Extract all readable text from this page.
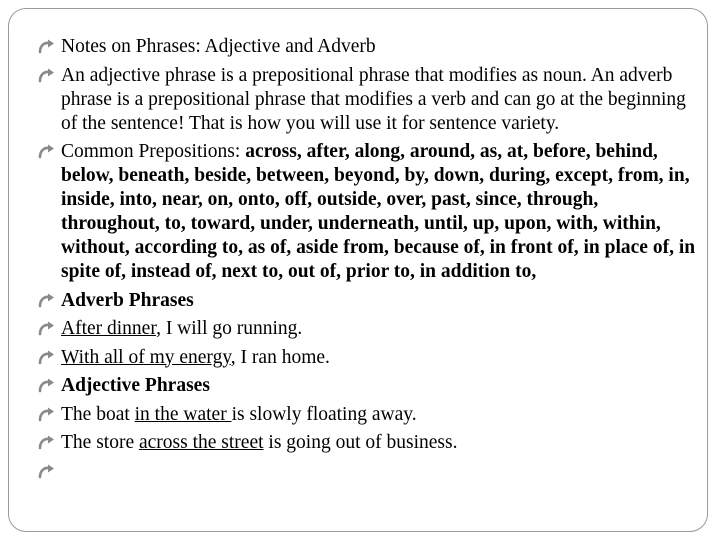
Notes on Phrases: Adjective and Adverb
An adjective phrase is a prepositional phrase that modifies as noun. An adverb phrase is a prepositional phrase that modifies a verb and can go at the beginning of the sentence! That is how you will use it for sentence variety.
Common Prepositions: across, after, along, around, as, at, before, behind, below, beneath, beside, between, beyond, by, down, during, except, from, in, inside, into, near, on, onto, off, outside, over, past, since, through, throughout, to, toward, under, underneath, until, up, upon, with, within, without, according to, as of, aside from, because of, in front of, in place of, in spite of, instead of, next to, out of, prior to, in addition to,
Adverb Phrases
After dinner, I will go running.
With all of my energy, I ran home.
Adjective Phrases
The boat in the water is slowly floating away.
The store across the street is going out of business.
